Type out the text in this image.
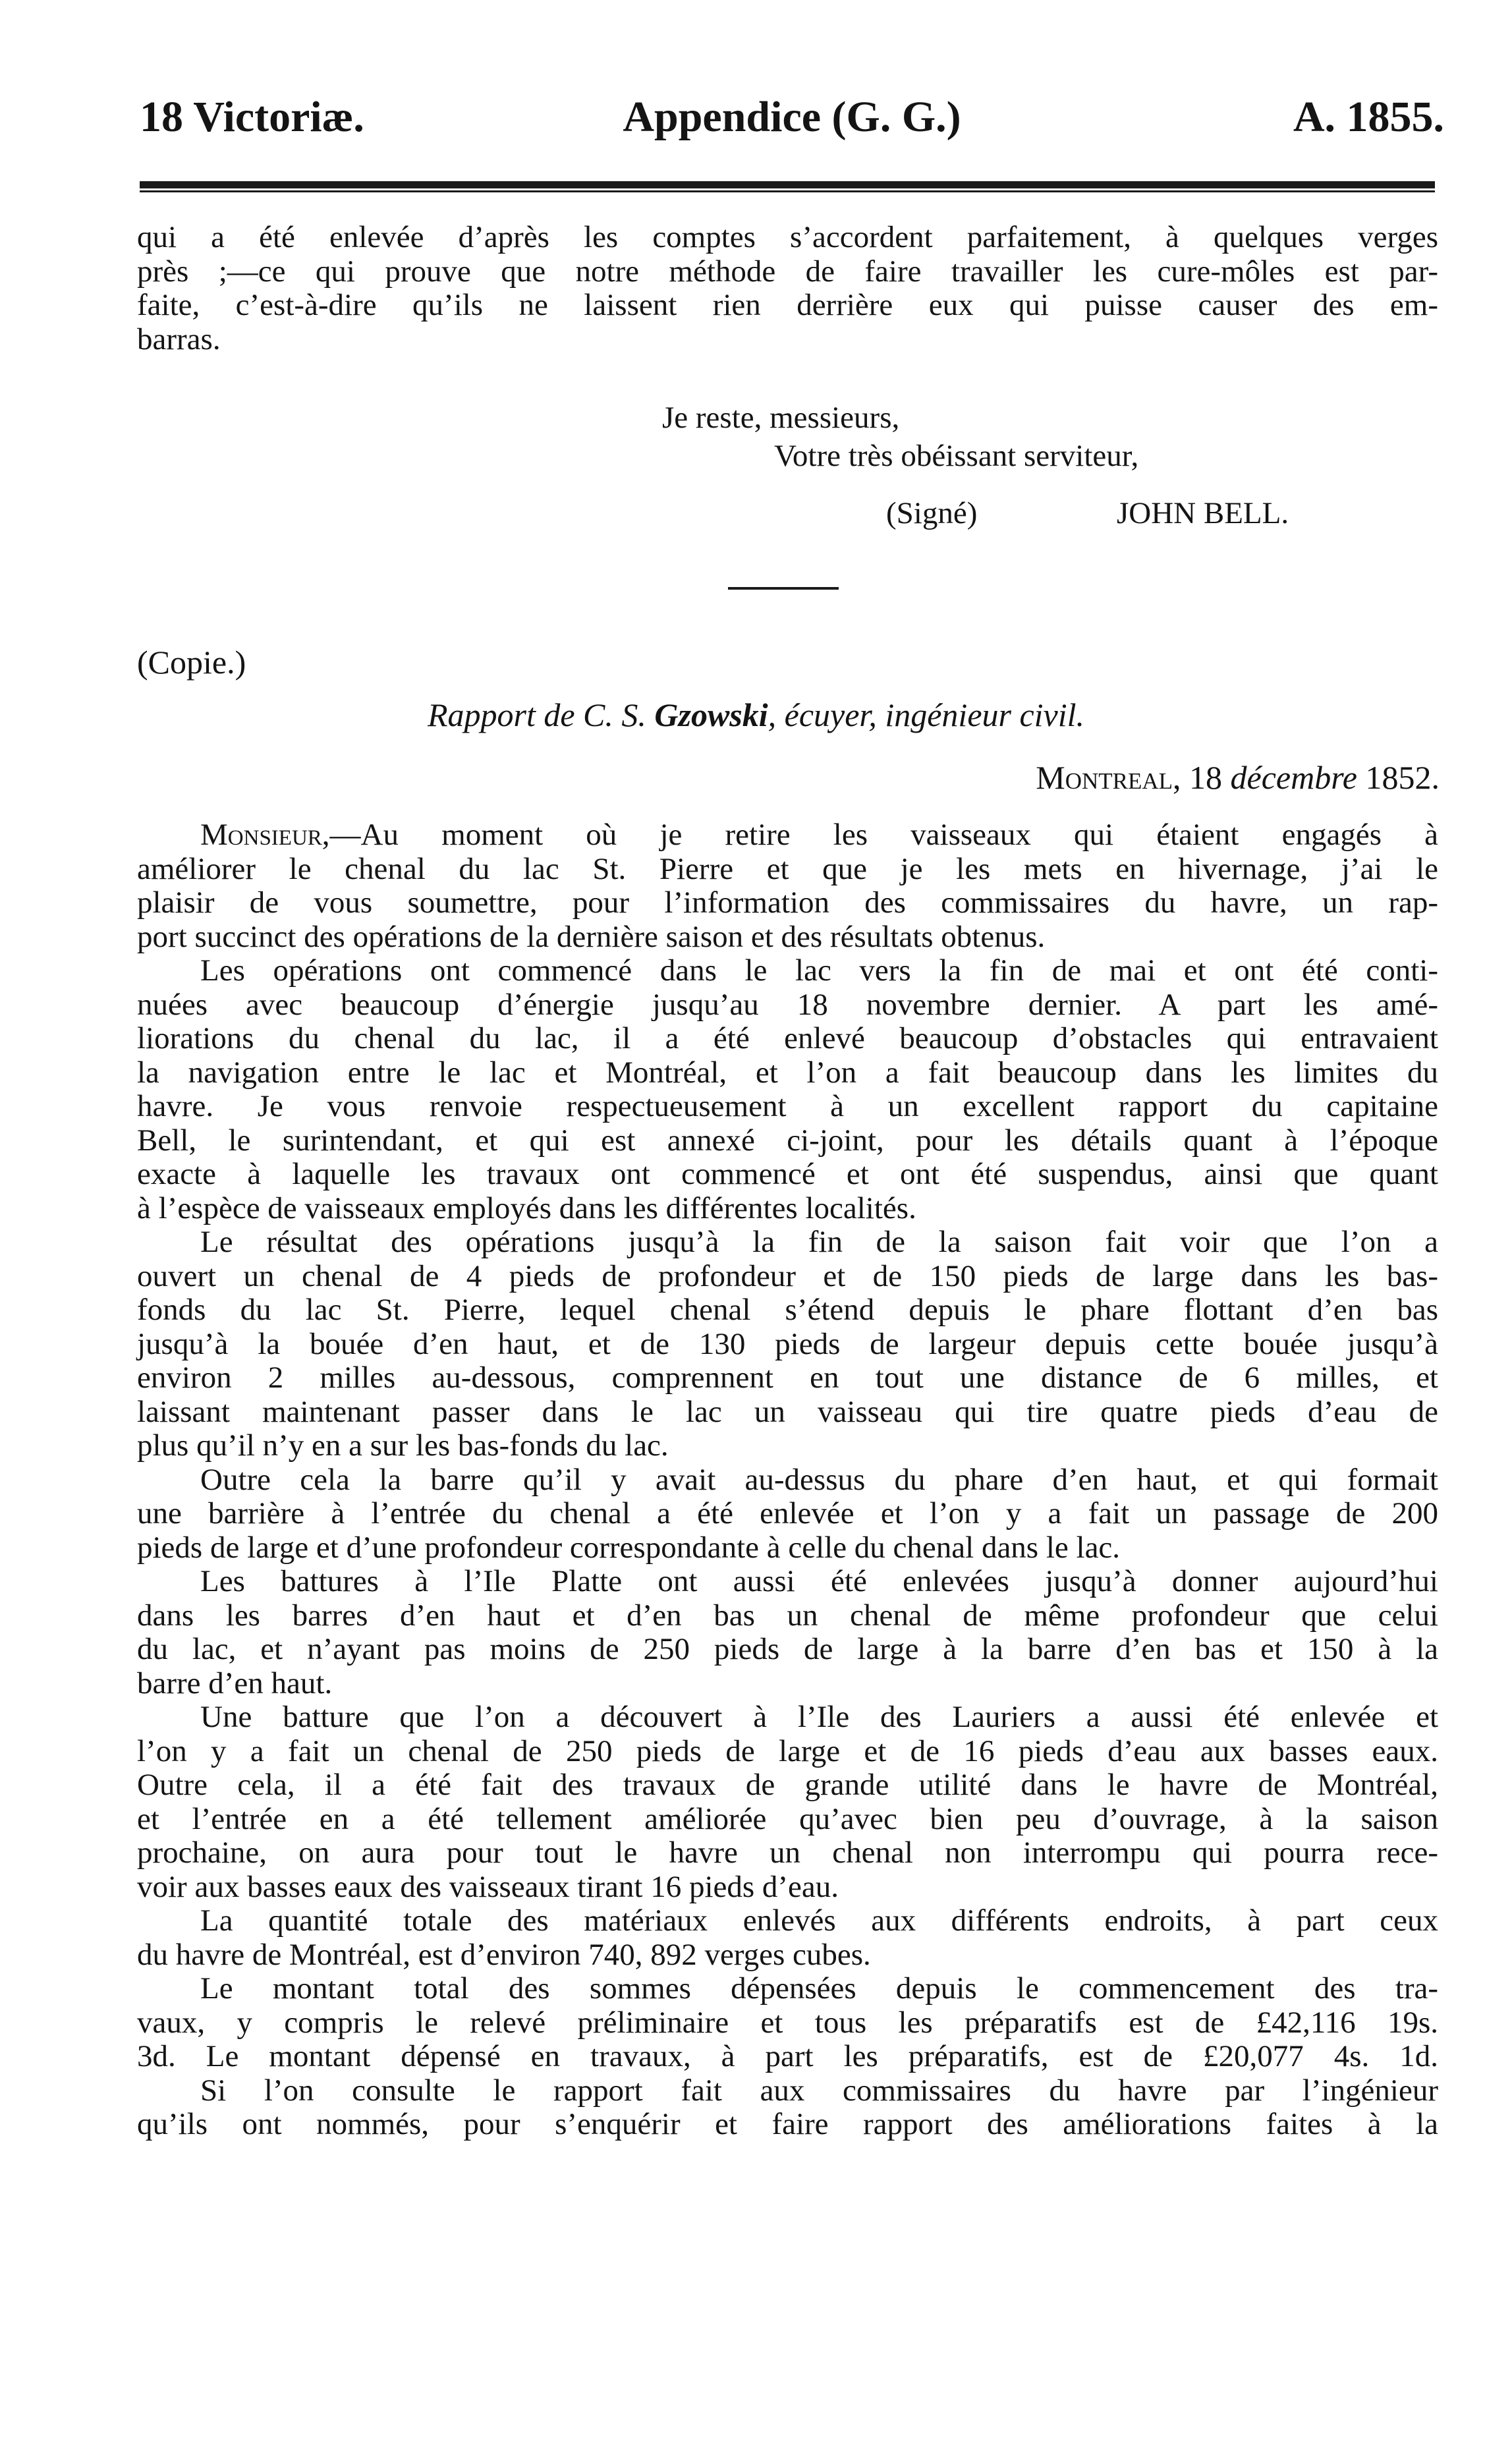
18 Victoriæ.	Appendice (G. G.)	A. 1855.
qui a été enlevée d’après les comptes s’accordent parfaitement, à quelques verges
près ;—ce qui prouve que notre méthode de faire travailler les cure-môles est par-
faite, c’est-à-dire qu’ils ne laissent rien derrière eux qui puisse causer des em-
barras.
Je reste, messieurs,
Votre très obéissant serviteur,
(Signé)	JOHN BELL.
(Copie.)
Rapport de C. S. Gzowski, écuyer, ingénieur civil.
Montreal, 18 décembre 1852.
Monsieur,—Au moment où je retire les vaisseaux qui étaient engagés à
améliorer le chenal du lac St. Pierre et que je les mets en hivernage, j’ai le
plaisir de vous soumettre, pour l’information des commissaires du havre, un rap-
port succinct des opérations de la dernière saison et des résultats obtenus.
Les opérations ont commencé dans le lac vers la fin de mai et ont été conti-
nuées avec beaucoup d’énergie jusqu’au 18 novembre dernier. A part les amé-
liorations du chenal du lac, il a été enlevé beaucoup d’obstacles qui entravaient
la navigation entre le lac et Montréal, et l’on a fait beaucoup dans les limites du
havre. Je vous renvoie respectueusement à un excellent rapport du capitaine
Bell, le surintendant, et qui est annexé ci-joint, pour les détails quant à l’époque
exacte à laquelle les travaux ont commencé et ont été suspendus, ainsi que quant
à l’espèce de vaisseaux employés dans les différentes localités.
Le résultat des opérations jusqu’à la fin de la saison fait voir que l’on a
ouvert un chenal de 4 pieds de profondeur et de 150 pieds de large dans les bas-
fonds du lac St. Pierre, lequel chenal s’étend depuis le phare flottant d’en bas
jusqu’à la bouée d’en haut, et de 130 pieds de largeur depuis cette bouée jusqu’à
environ 2 milles au-dessous, comprennent en tout une distance de 6 milles, et
laissant maintenant passer dans le lac un vaisseau qui tire quatre pieds d’eau de
plus qu’il n’y en a sur les bas-fonds du lac.
Outre cela la barre qu’il y avait au-dessus du phare d’en haut, et qui formait
une barrière à l’entrée du chenal a été enlevée et l’on y a fait un passage de 200
pieds de large et d’une profondeur correspondante à celle du chenal dans le lac.
Les battures à l’Ile Platte ont aussi été enlevées jusqu’à donner aujourd’hui
dans les barres d’en haut et d’en bas un chenal de même profondeur que celui
du lac, et n’ayant pas moins de 250 pieds de large à la barre d’en bas et 150 à la
barre d’en haut.
Une batture que l’on a découvert à l’Ile des Lauriers a aussi été enlevée et
l’on y a fait un chenal de 250 pieds de large et de 16 pieds d’eau aux basses eaux.
Outre cela, il a été fait des travaux de grande utilité dans le havre de Montréal,
et l’entrée en a été tellement améliorée qu’avec bien peu d’ouvrage, à la saison
prochaine, on aura pour tout le havre un chenal non interrompu qui pourra rece-
voir aux basses eaux des vaisseaux tirant 16 pieds d’eau.
La quantité totale des matériaux enlevés aux différents endroits, à part ceux
du havre de Montréal, est d’environ 740, 892 verges cubes.
Le montant total des sommes dépensées depuis le commencement des tra-
vaux, y compris le relevé préliminaire et tous les préparatifs est de £42,116 19s.
3d. Le montant dépensé en travaux, à part les préparatifs, est de £20,077 4s. 1d.
Si l’on consulte le rapport fait aux commissaires du havre par l’ingénieur
qu’ils ont nommés, pour s’enquérir et faire rapport des améliorations faites à la
